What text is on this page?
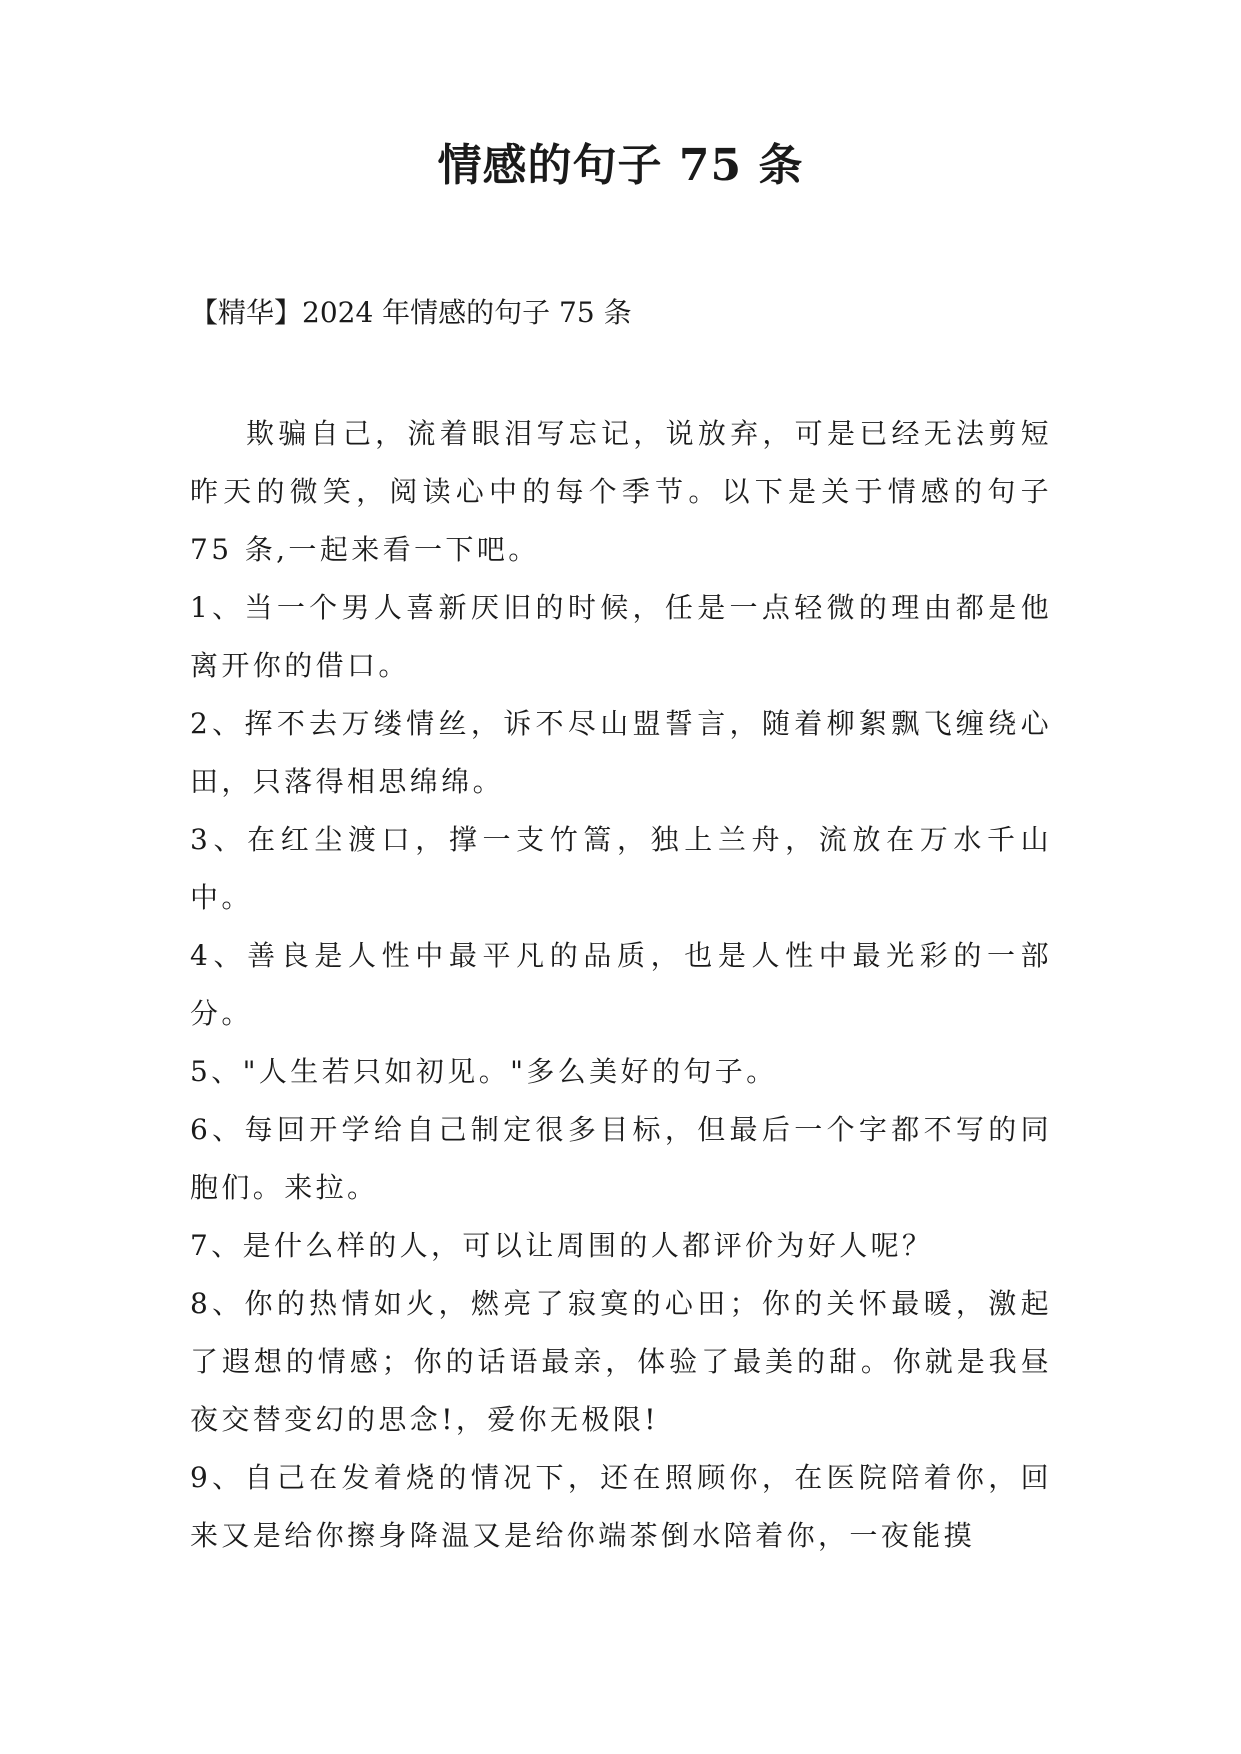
情感的句子 75 条
【精华】2024 年情感的句子 75 条

欺骗自己，流着眼泪写忘记，说放弃，可是已经无法剪短昨天的微笑，阅读心中的每个季节。以下是关于情感的句子 75 条,一起来看一下吧。

1、当一个男人喜新厌旧的时候，任是一点轻微的理由都是他离开你的借口。

2、挥不去万缕情丝，诉不尽山盟誓言，随着柳絮飘飞缠绕心田，只落得相思绵绵。

3、在红尘渡口，撑一支竹篙，独上兰舟，流放在万水千山中。

4、善良是人性中最平凡的品质，也是人性中最光彩的一部分。

5、"人生若只如初见。"多么美好的句子。

6、每回开学给自己制定很多目标，但最后一个字都不写的同胞们。来拉。

7、是什么样的人，可以让周围的人都评价为好人呢？

8、你的热情如火，燃亮了寂寞的心田；你的关怀最暖，激起了遐想的情感；你的话语最亲，体验了最美的甜。你就是我昼夜交替变幻的思念!，爱你无极限!

9、自己在发着烧的情况下，还在照顾你，在医院陪着你，回来又是给你擦身降温又是给你端茶倒水陪着你，一夜能摸
